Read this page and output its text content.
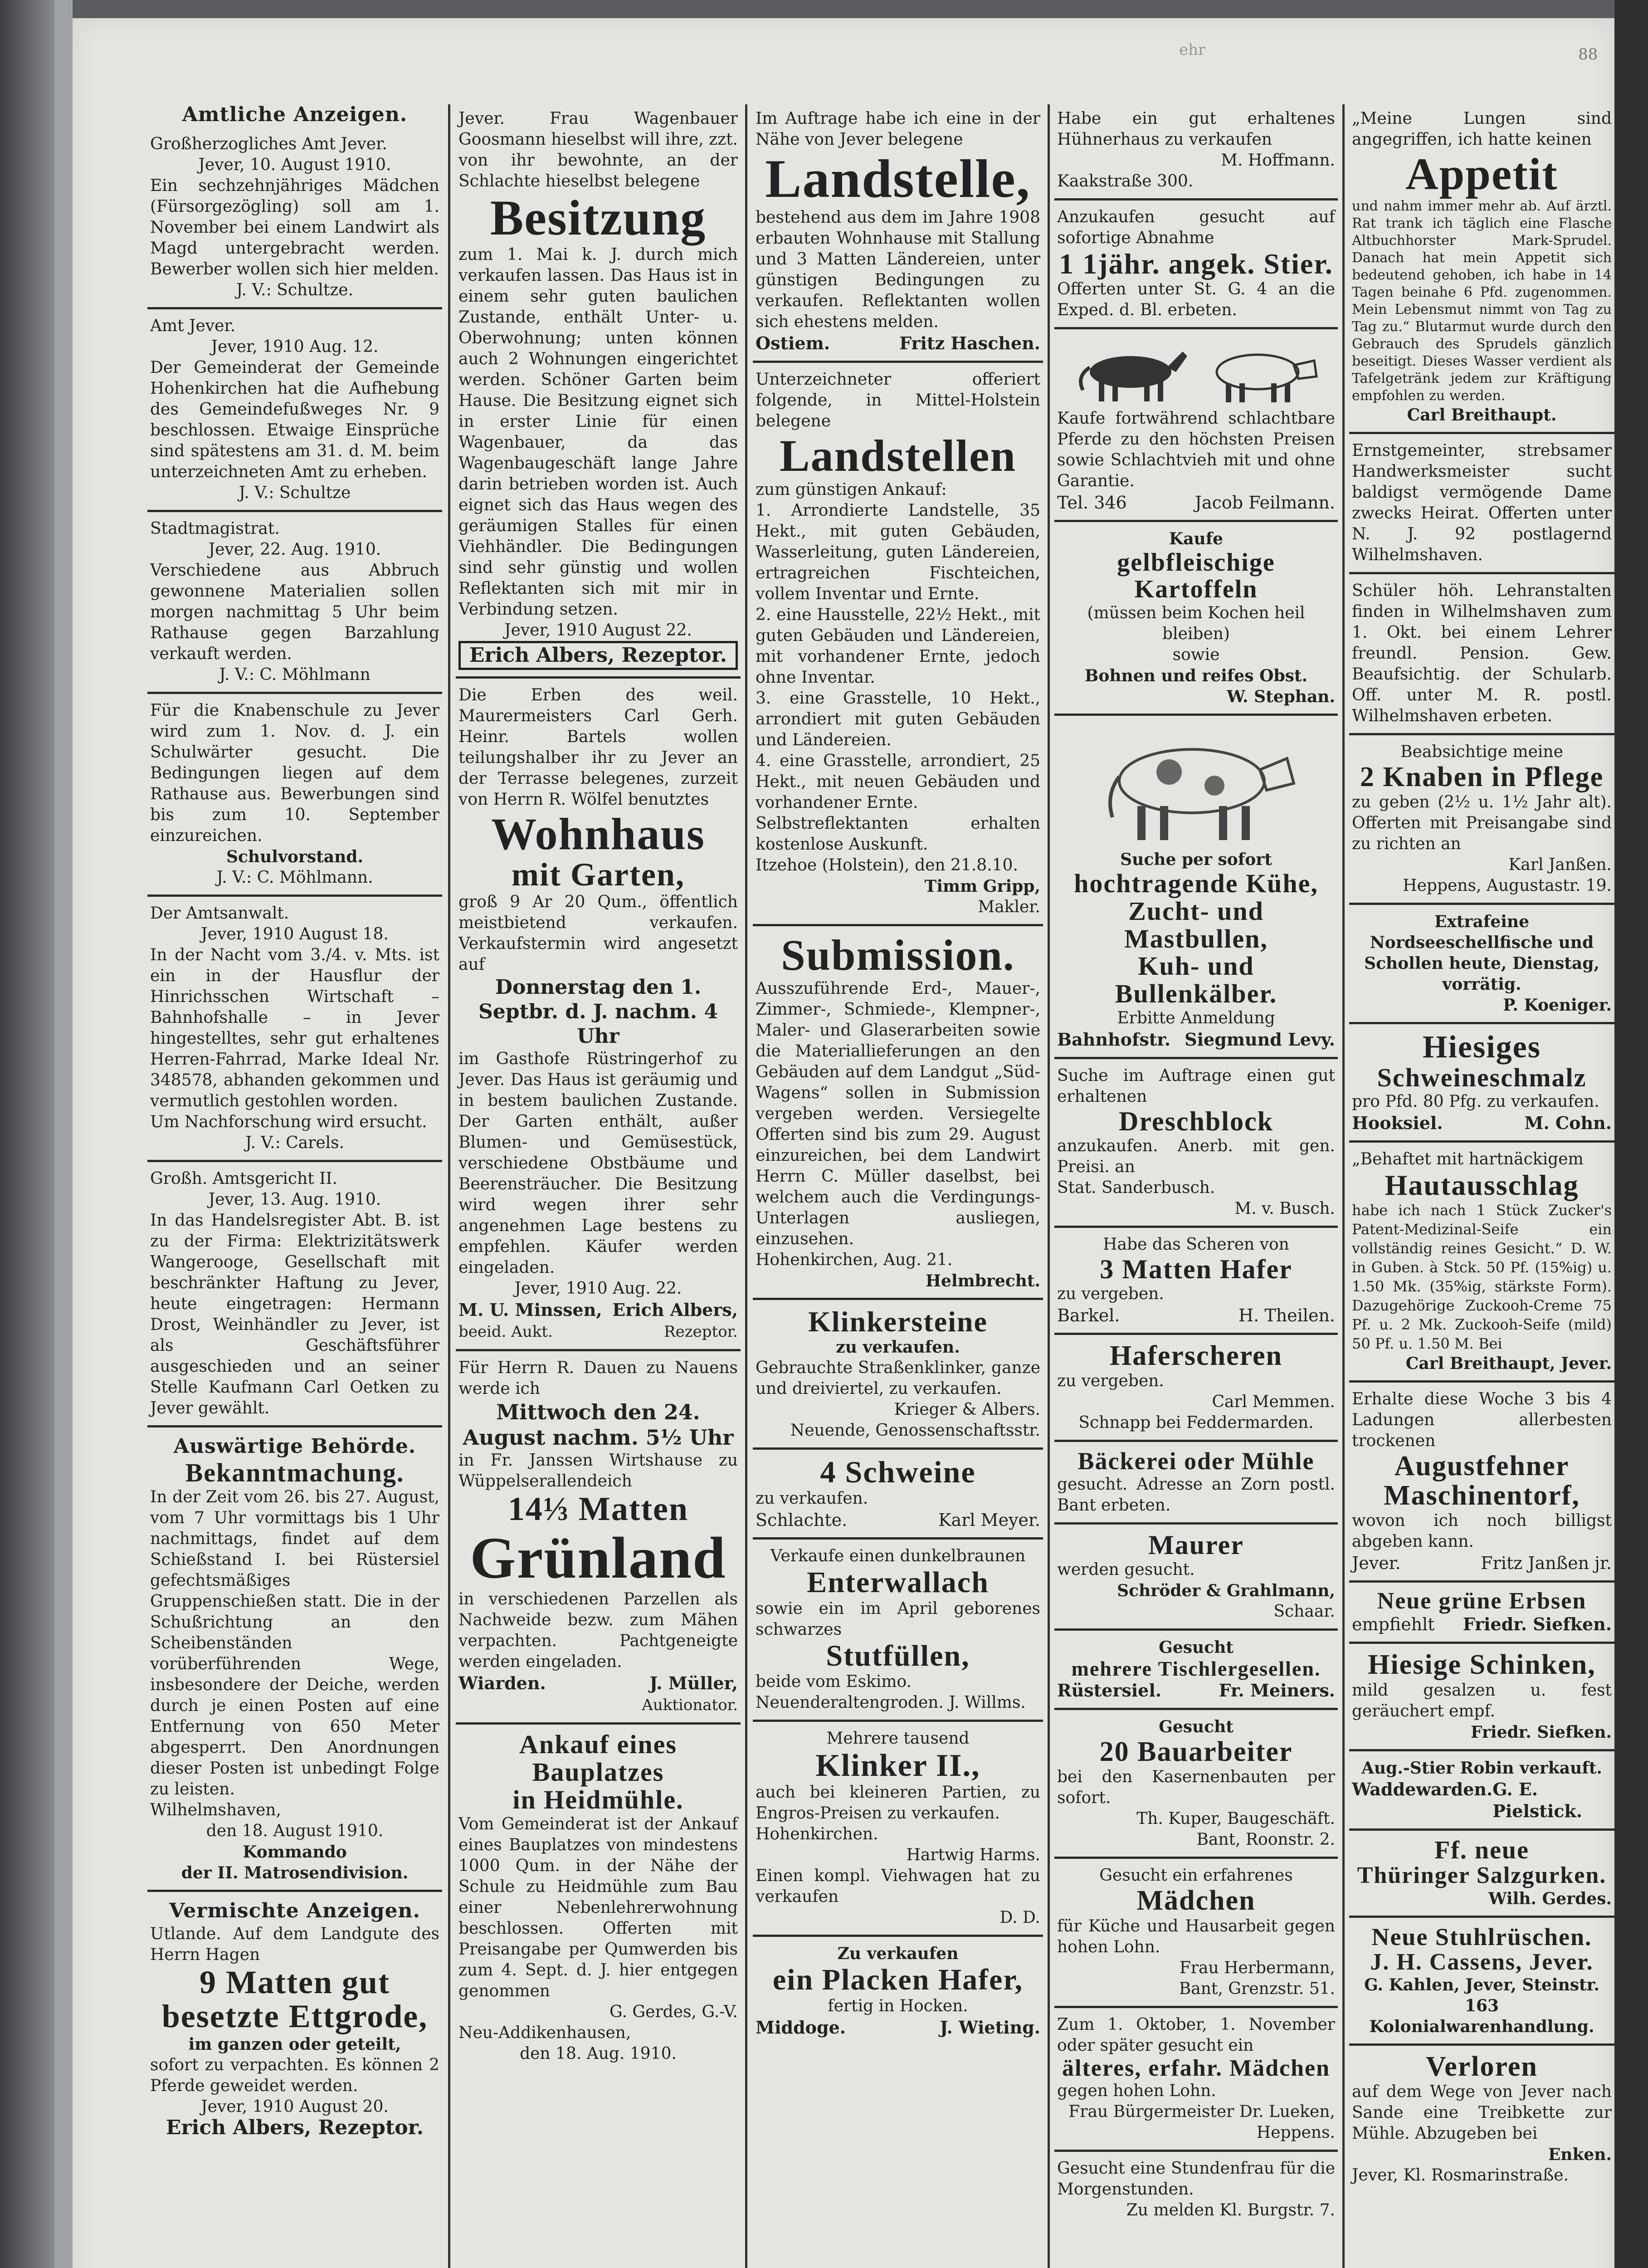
ehr	88
Amtliche Anzeigen.

Großherzogliches Amt Jever.

Jever, 10. August 1910.

Ein sechzehnjähriges Mädchen (Fürsorgezögling) soll am 1. November bei einem Landwirt als Magd untergebracht werden. Bewerber wollen sich hier melden.

J. V.: Schultze.

Amt Jever.

Jever, 1910 Aug. 12.

Der Gemeinderat der Gemeinde Hohenkirchen hat die Aufhebung des Gemeindefußweges Nr. 9 beschlossen. Etwaige Einsprüche sind spätestens am 31. d. M. beim unterzeichneten Amt zu erheben.

J. V.: Schultze

Stadtmagistrat.

Jever, 22. Aug. 1910.

Verschiedene aus Abbruch gewonnene Materialien sollen morgen nachmittag 5 Uhr beim Rathause gegen Barzahlung verkauft werden.

J. V.: C. Möhlmann

Für die Knabenschule zu Jever wird zum 1. Nov. d. J. ein Schulwärter gesucht. Die Bedingungen liegen auf dem Rathause aus. Bewerbungen sind bis zum 10. September einzureichen.

Schulvorstand.

J. V.: C. Möhlmann.

Der Amtsanwalt.

Jever, 1910 August 18.

In der Nacht vom 3./4. v. Mts. ist ein in der Hausflur der Hinrichsschen Wirtschaft – Bahnhofshalle – in Jever hingestelltes, sehr gut erhaltenes Herren-Fahrrad, Marke Ideal Nr. 348578, abhanden gekommen und vermutlich gestohlen worden.

Um Nachforschung wird ersucht.

J. V.: Carels.

Großh. Amtsgericht II.

Jever, 13. Aug. 1910.

In das Handelsregister Abt. B. ist zu der Firma: Elektrizitätswerk Wangerooge, Gesellschaft mit beschränkter Haftung zu Jever, heute eingetragen: Hermann Drost, Weinhändler zu Jever, ist als Geschäftsführer ausgeschieden und an seiner Stelle Kaufmann Carl Oetken zu Jever gewählt.

Auswärtige Behörde.
Bekanntmachung.

In der Zeit vom 26. bis 27. August, vom 7 Uhr vormittags bis 1 Uhr nachmittags, findet auf dem Schießstand I. bei Rüstersiel gefechtsmäßiges Gruppenschießen statt. Die in der Schußrichtung an den Scheibenständen vorüberführenden Wege, insbesondere der Deiche, werden durch je einen Posten auf eine Entfernung von 650 Meter abgesperrt. Den Anordnungen dieser Posten ist unbedingt Folge zu leisten.

Wilhelmshaven,

den 18. August 1910.

Kommando

der II. Matrosendivision.

Vermischte Anzeigen.

Utlande. Auf dem Landgute des Herrn Hagen

9 Matten gut besetzte Ettgrode,

im ganzen oder geteilt,

sofort zu verpachten. Es können 2 Pferde geweidet werden.

Jever, 1910 August 20.

Erich Albers, Rezeptor.

Jever. Frau Wagenbauer Goosmann hieselbst will ihre, zzt. von ihr bewohnte, an der Schlachte hieselbst belegene

Besitzung

zum 1. Mai k. J. durch mich verkaufen lassen. Das Haus ist in einem sehr guten baulichen Zustande, enthält Unter- u. Oberwohnung; unten können auch 2 Wohnungen eingerichtet werden. Schöner Garten beim Hause. Die Besitzung eignet sich in erster Linie für einen Wagenbauer, da das Wagenbaugeschäft lange Jahre darin betrieben worden ist. Auch eignet sich das Haus wegen des geräumigen Stalles für einen Viehhändler. Die Bedingungen sind sehr günstig und wollen Reflektanten sich mit mir in Verbindung setzen.

Jever, 1910 August 22.

Erich Albers, Rezeptor.

Die Erben des weil. Maurermeisters Carl Gerh. Heinr. Bartels wollen teilungshalber ihr zu Jever an der Terrasse belegenes, zurzeit von Herrn R. Wölfel benutztes

Wohnhaus
mit Garten,

groß 9 Ar 20 Qum., öffentlich meistbietend verkaufen. Verkaufstermin wird angesetzt auf

Donnerstag den 1. Septbr. d. J. nachm. 4 Uhr

im Gasthofe Rüstringerhof zu Jever. Das Haus ist geräumig und in bestem baulichen Zustande. Der Garten enthält, außer Blumen- und Gemüsestück, verschiedene Obstbäume und Beerensträucher. Die Besitzung wird wegen ihrer sehr angenehmen Lage bestens zu empfehlen. Käufer werden eingeladen.

Jever, 1910 Aug. 22.

M. U. Minssen,
beeid. Aukt.
Erich Albers,
Rezeptor.

Für Herrn R. Dauen zu Nauens werde ich

Mittwoch den 24. August nachm. 5½ Uhr

in Fr. Janssen Wirtshause zu Wüppelserallendeich

14⅓ Matten
Grünland

in verschiedenen Parzellen als Nachweide bezw. zum Mähen verpachten. Pachtgeneigte werden eingeladen.

Wiarden.	J. Müller,
Auktionator.
Ankauf eines Bauplatzes
in Heidmühle.

Vom Gemeinderat ist der Ankauf eines Bauplatzes von mindestens 1000 Qum. in der Nähe der Schule zu Heidmühle zum Bau einer Nebenlehrerwohnung beschlossen. Offerten mit Preisangabe per Qumwerden bis zum 4. Sept. d. J. hier entgegen genommen

G. Gerdes, G.-V.

Neu-Addikenhausen,

den 18. Aug. 1910.

Im Auftrage habe ich eine in der Nähe von Jever belegene

Landstelle,

bestehend aus dem im Jahre 1908 erbauten Wohnhause mit Stallung und 3 Matten Ländereien, unter günstigen Bedingungen zu verkaufen. Reflektanten wollen sich ehestens melden.

Ostiem.	Fritz Haschen.

Unterzeichneter offeriert folgende, in Mittel-Holstein belegene

Landstellen

zum günstigen Ankauf:

1. Arrondierte Landstelle, 35 Hekt., mit guten Gebäuden, Wasserleitung, guten Ländereien, ertragreichen Fischteichen, vollem Inventar und Ernte.

2. eine Hausstelle, 22½ Hekt., mit guten Gebäuden und Ländereien, mit vorhandener Ernte, jedoch ohne Inventar.

3. eine Grasstelle, 10 Hekt., arrondiert mit guten Gebäuden und Ländereien.

4. eine Grasstelle, arrondiert, 25 Hekt., mit neuen Gebäuden und vorhandener Ernte.

Selbstreflektanten erhalten kostenlose Auskunft.

Itzehoe (Holstein), den 21.8.10.

Timm Gripp,

Makler.

Submission.

Ausszuführende Erd-, Mauer-, Zimmer-, Schmiede-, Klempner-, Maler- und Glaserarbeiten sowie die Materiallieferungen an den Gebäuden auf dem Landgut „Süd-Wagens“ sollen in Submission vergeben werden. Versiegelte Offerten sind bis zum 29. August einzureichen, bei dem Landwirt Herrn C. Müller daselbst, bei welchem auch die Verdingungs-Unterlagen ausliegen, einzusehen.

Hohenkirchen, Aug. 21.

Helmbrecht.

Klinkersteine

zu verkaufen.

Gebrauchte Straßenklinker, ganze und dreiviertel, zu verkaufen.

Krieger & Albers.

Neuende, Genossenschaftsstr.

4 Schweine

zu verkaufen.

Schlachte.	Karl Meyer.

Verkaufe einen dunkelbraunen

Enterwallach

sowie ein im April geborenes schwarzes

Stutfüllen,

beide vom Eskimo.

Neuenderaltengroden. J. Willms.

Mehrere tausend

Klinker II.,

auch bei kleineren Partien, zu Engros-Preisen zu verkaufen.

Hohenkirchen.

Hartwig Harms.

Einen kompl. Viehwagen hat zu verkaufen

D. D.

Zu verkaufen

ein Placken Hafer,

fertig in Hocken.

Middoge.	J. Wieting.

Habe ein gut erhaltenes Hühnerhaus zu verkaufen

M. Hoffmann.

Kaakstraße 300.

Anzukaufen gesucht auf sofortige Abnahme

1 1jähr. angek. Stier.

Offerten unter St. G. 4 an die Exped. d. Bl. erbeten.

Kaufe fortwährend schlachtbare Pferde zu den höchsten Preisen sowie Schlachtvieh mit und ohne Garantie.

Tel. 346	Jacob Feilmann.

Kaufe

gelbfleischige Kartoffeln

(müssen beim Kochen heil bleiben)

sowie

Bohnen und reifes Obst.

W. Stephan.

Suche per sofort

hochtragende Kühe,
Zucht- und Mastbullen,
Kuh- und Bullenkälber.

Erbitte Anmeldung

Bahnhofstr. Siegmund Levy.

Suche im Auftrage einen gut erhaltenen

Dreschblock

anzukaufen. Anerb. mit gen. Preisi. an

Stat. Sanderbusch.

M. v. Busch.

Habe das Scheren von

3 Matten Hafer

zu vergeben.

Barkel.	H. Theilen.
Haferscheren

zu vergeben.

Carl Memmen.

Schnapp bei Feddermarden.

Bäckerei oder Mühle

gesucht. Adresse an Zorn postl. Bant erbeten.

Maurer

werden gesucht.

Schröder & Grahlmann,

Schaar.

Gesucht

mehrere Tischlergesellen.
Rüstersiel.	Fr. Meiners.

Gesucht

20 Bauarbeiter

bei den Kasernenbauten per sofort.

Th. Kuper, Baugeschäft.

Bant, Roonstr. 2.

Gesucht ein erfahrenes

Mädchen

für Küche und Hausarbeit gegen hohen Lohn.

Frau Herbermann,

Bant, Grenzstr. 51.

Zum 1. Oktober, 1. November oder später gesucht ein

älteres, erfahr. Mädchen

gegen hohen Lohn.

Frau Bürgermeister Dr. Lueken,

Heppens.

Gesucht eine Stundenfrau für die Morgenstunden.

Zu melden Kl. Burgstr. 7.

„Meine Lungen sind angegriffen, ich hatte keinen

Appetit

und nahm immer mehr ab. Auf ärztl. Rat trank ich täglich eine Flasche Altbuchhorster Mark-Sprudel. Danach hat mein Appetit sich bedeutend gehoben, ich habe in 14 Tagen beinahe 6 Pfd. zugenommen. Mein Lebensmut nimmt von Tag zu Tag zu.“ Blutarmut wurde durch den Gebrauch des Sprudels gänzlich beseitigt. Dieses Wasser verdient als Tafelgetränk jedem zur Kräftigung empfohlen zu werden.

Carl Breithaupt.

Ernstgemeinter, strebsamer Handwerksmeister sucht baldigst vermögende Dame zwecks Heirat. Offerten unter N. J. 92 postlagernd Wilhelmshaven.

Schüler höh. Lehranstalten finden in Wilhelmshaven zum 1. Okt. bei einem Lehrer freundl. Pension. Gew. Beaufsichtig. der Schularb. Off. unter M. R. postl. Wilhelmshaven erbeten.

Beabsichtige meine

2 Knaben in Pflege

zu geben (2½ u. 1½ Jahr alt). Offerten mit Preisangabe sind zu richten an

Karl Janßen.

Heppens, Augustastr. 19.

Extrafeine Nordseeschellfische und Schollen heute, Dienstag, vorrätig.

P. Koeniger.

Hiesiges
Schweineschmalz

pro Pfd. 80 Pfg. zu verkaufen.

Hooksiel.	M. Cohn.

„Behaftet mit hartnäckigem

Hautausschlag

habe ich nach 1 Stück Zucker's Patent-Medizinal-Seife ein vollständig reines Gesicht.“ D. W. in Guben. à Stck. 50 Pf. (15%ig) u. 1.50 Mk. (35%ig, stärkste Form). Dazugehörige Zuckooh-Creme 75 Pf. u. 2 Mk. Zuckooh-Seife (mild) 50 Pf. u. 1.50 M. Bei

Carl Breithaupt, Jever.

Erhalte diese Woche 3 bis 4 Ladungen allerbesten trockenen

Augustfehner
Maschinentorf,

wovon ich noch billigst abgeben kann.

Jever.	Fritz Janßen jr.
Neue grüne Erbsen
empfiehlt Friedr. Siefken.
Hiesige Schinken,

mild gesalzen u. fest geräuchert empf.

Friedr. Siefken.

Aug.-Stier Robin verkauft.

Waddewarden. G. E. Pielstick.
Ff. neue
Thüringer Salzgurken.

Wilh. Gerdes.

Neue Stuhlrüschen.
J. H. Cassens, Jever.

G. Kahlen, Jever, Steinstr. 163

Kolonialwarenhandlung.

Verloren

auf dem Wege von Jever nach Sande eine Treibkette zur Mühle. Abzugeben bei

Enken.

Jever, Kl. Rosmarinstraße.
